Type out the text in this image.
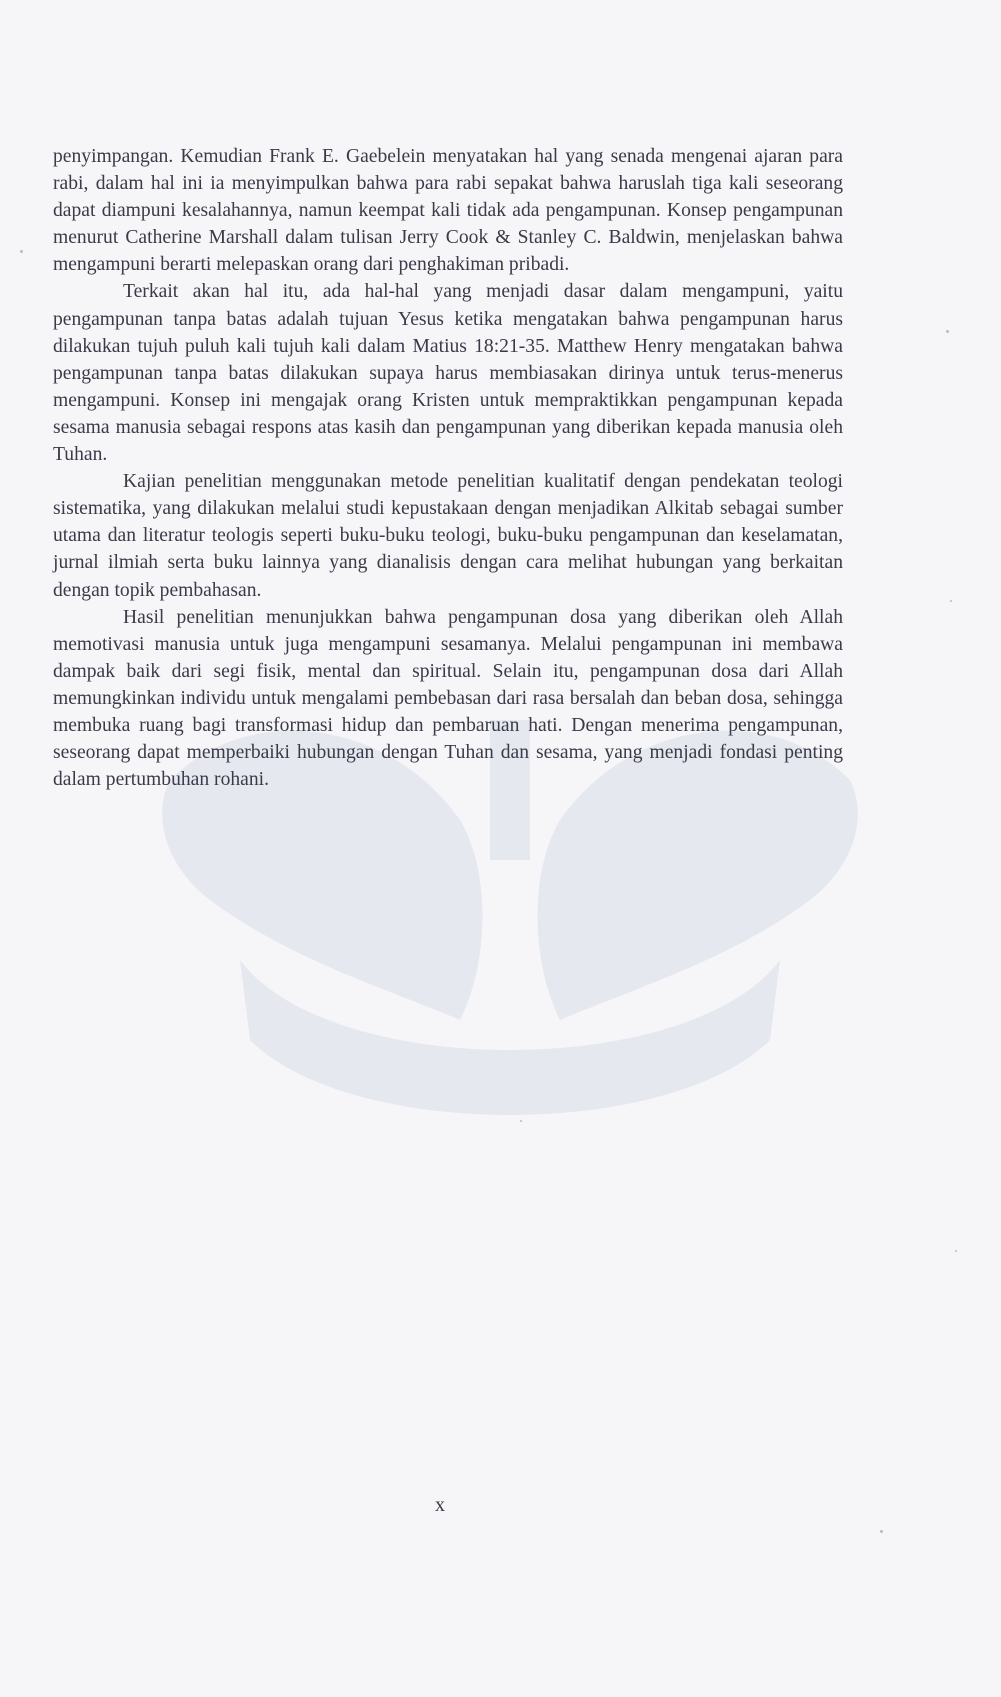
penyimpangan. Kemudian Frank E. Gaebelein menyatakan hal yang senada mengenai ajaran para rabi, dalam hal ini ia menyimpulkan bahwa para rabi sepakat bahwa haruslah tiga kali seseorang dapat diampuni kesalahannya, namun keempat kali tidak ada pengampunan. Konsep pengampunan menurut Catherine Marshall dalam tulisan Jerry Cook & Stanley C. Baldwin, menjelaskan bahwa mengampuni berarti melepaskan orang dari penghakiman pribadi.

Terkait akan hal itu, ada hal-hal yang menjadi dasar dalam mengampuni, yaitu pengampunan tanpa batas adalah tujuan Yesus ketika mengatakan bahwa pengampunan harus dilakukan tujuh puluh kali tujuh kali dalam Matius 18:21-35. Matthew Henry mengatakan bahwa pengampunan tanpa batas dilakukan supaya harus membiasakan dirinya untuk terus-menerus mengampuni. Konsep ini mengajak orang Kristen untuk mempraktikkan pengampunan kepada sesama manusia sebagai respons atas kasih dan pengampunan yang diberikan kepada manusia oleh Tuhan.

Kajian penelitian menggunakan metode penelitian kualitatif dengan pendekatan teologi sistematika, yang dilakukan melalui studi kepustakaan dengan menjadikan Alkitab sebagai sumber utama dan literatur teologis seperti buku-buku teologi, buku-buku pengampunan dan keselamatan, jurnal ilmiah serta buku lainnya yang dianalisis dengan cara melihat hubungan yang berkaitan dengan topik pembahasan.

Hasil penelitian menunjukkan bahwa pengampunan dosa yang diberikan oleh Allah memotivasi manusia untuk juga mengampuni sesamanya. Melalui pengampunan ini membawa dampak baik dari segi fisik, mental dan spiritual. Selain itu, pengampunan dosa dari Allah memungkinkan individu untuk mengalami pembebasan dari rasa bersalah dan beban dosa, sehingga membuka ruang bagi transformasi hidup dan pembaruan hati. Dengan menerima pengampunan, seseorang dapat memperbaiki hubungan dengan Tuhan dan sesama, yang menjadi fondasi penting dalam pertumbuhan rohani.

x
